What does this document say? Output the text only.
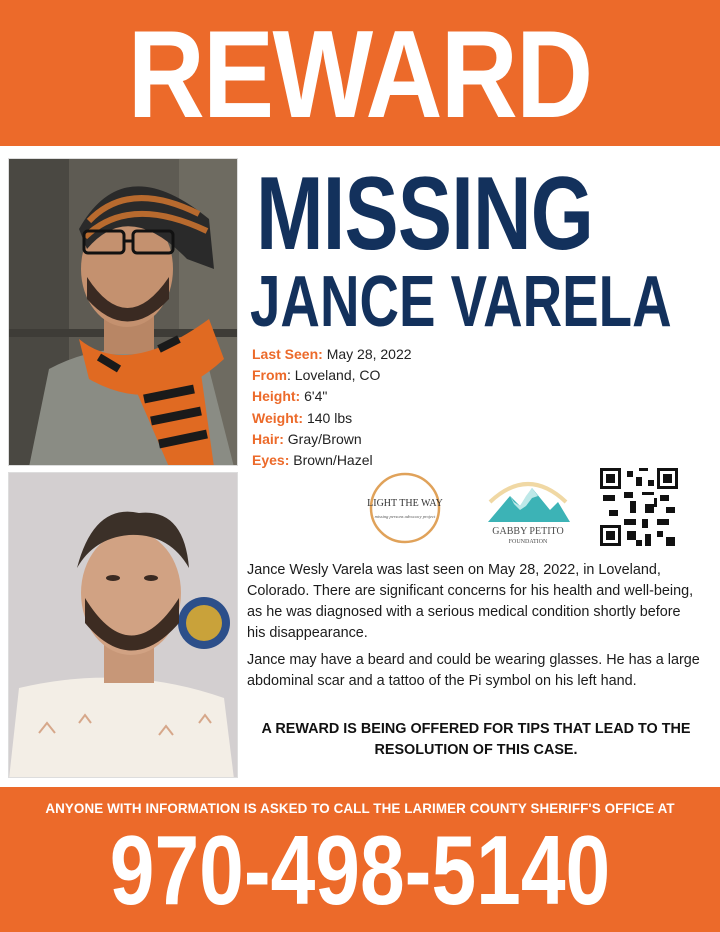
REWARD
MISSING
JANCE VARELA
Last Seen: May 28, 2022
From: Loveland, CO
Height: 6'4"
Weight: 140 lbs
Hair: Gray/Brown
Eyes: Brown/Hazel
LIGHT THE WAY
missing persons advocacy project
GABBY PETITO
FOUNDATION

Jance Wesly Varela was last seen on May 28, 2022, in Loveland, Colorado. There are significant concerns for his health and well-being, as he was diagnosed with a serious medical condition shortly before his disappearance.

Jance may have a beard and could be wearing glasses. He has a large abdominal scar and a tattoo of the Pi symbol on his left hand.

A REWARD IS BEING OFFERED FOR TIPS THAT LEAD TO THE RESOLUTION OF THIS CASE.

ANYONE WITH INFORMATION IS ASKED TO CALL THE LARIMER COUNTY SHERIFF'S OFFICE AT
970-498-5140
